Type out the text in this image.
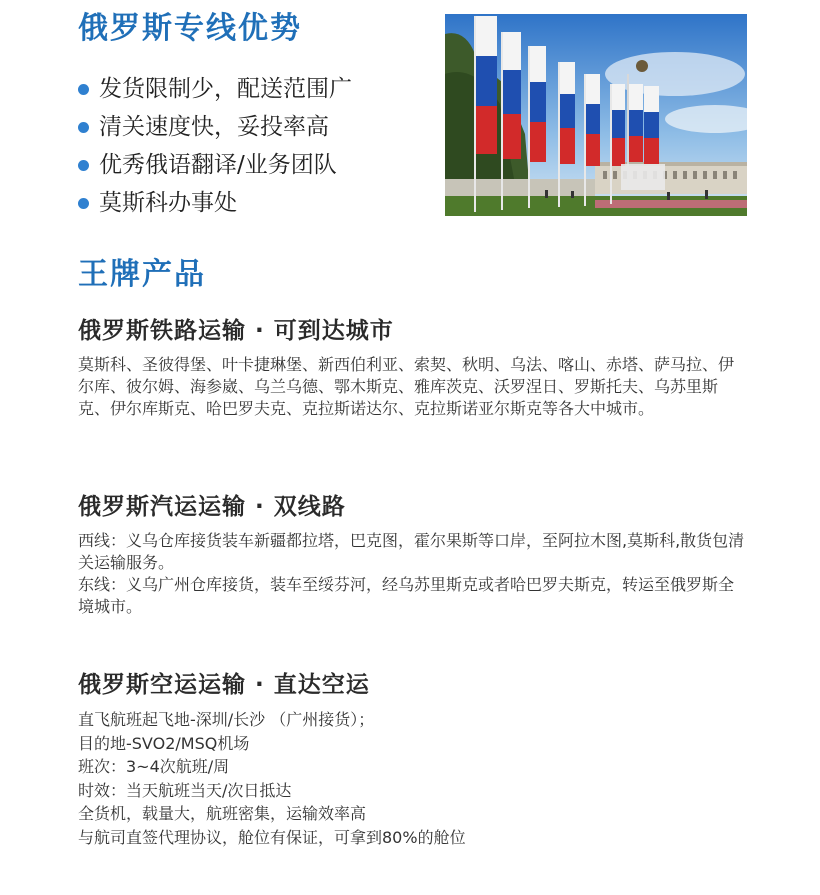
俄罗斯专线优势
发货限制少，配送范围广
清关速度快，妥投率高
优秀俄语翻译/业务团队
莫斯科办事处
王牌产品
俄罗斯铁路运输 · 可到达城市

莫斯科、圣彼得堡、叶卡捷琳堡、新西伯利亚、索契、秋明、乌法、喀山、赤塔、萨马拉、伊尔库、彼尔姆、海参崴、乌兰乌德、鄂木斯克、雅库茨克、沃罗涅日、罗斯托夫、乌苏里斯克、伊尔库斯克、哈巴罗夫克、克拉斯诺达尔、克拉斯诺亚尔斯克等各大中城市。

俄罗斯汽运运输 · 双线路

西线：义乌仓库接货装车新疆都拉塔，巴克图，霍尔果斯等口岸，至阿拉木图,莫斯科,散货包清关运输服务。

东线：义乌广州仓库接货，装车至绥芬河，经乌苏里斯克或者哈巴罗夫斯克，转运至俄罗斯全境城市。

俄罗斯空运运输 · 直达空运

直飞航班起飞地-深圳/长沙 （广州接货）；

目的地-SVO2/MSQ机场

班次：3~4次航班/周

时效：当天航班当天/次日抵达

全货机，载量大，航班密集，运输效率高

与航司直签代理协议，舱位有保证，可拿到80%的舱位
